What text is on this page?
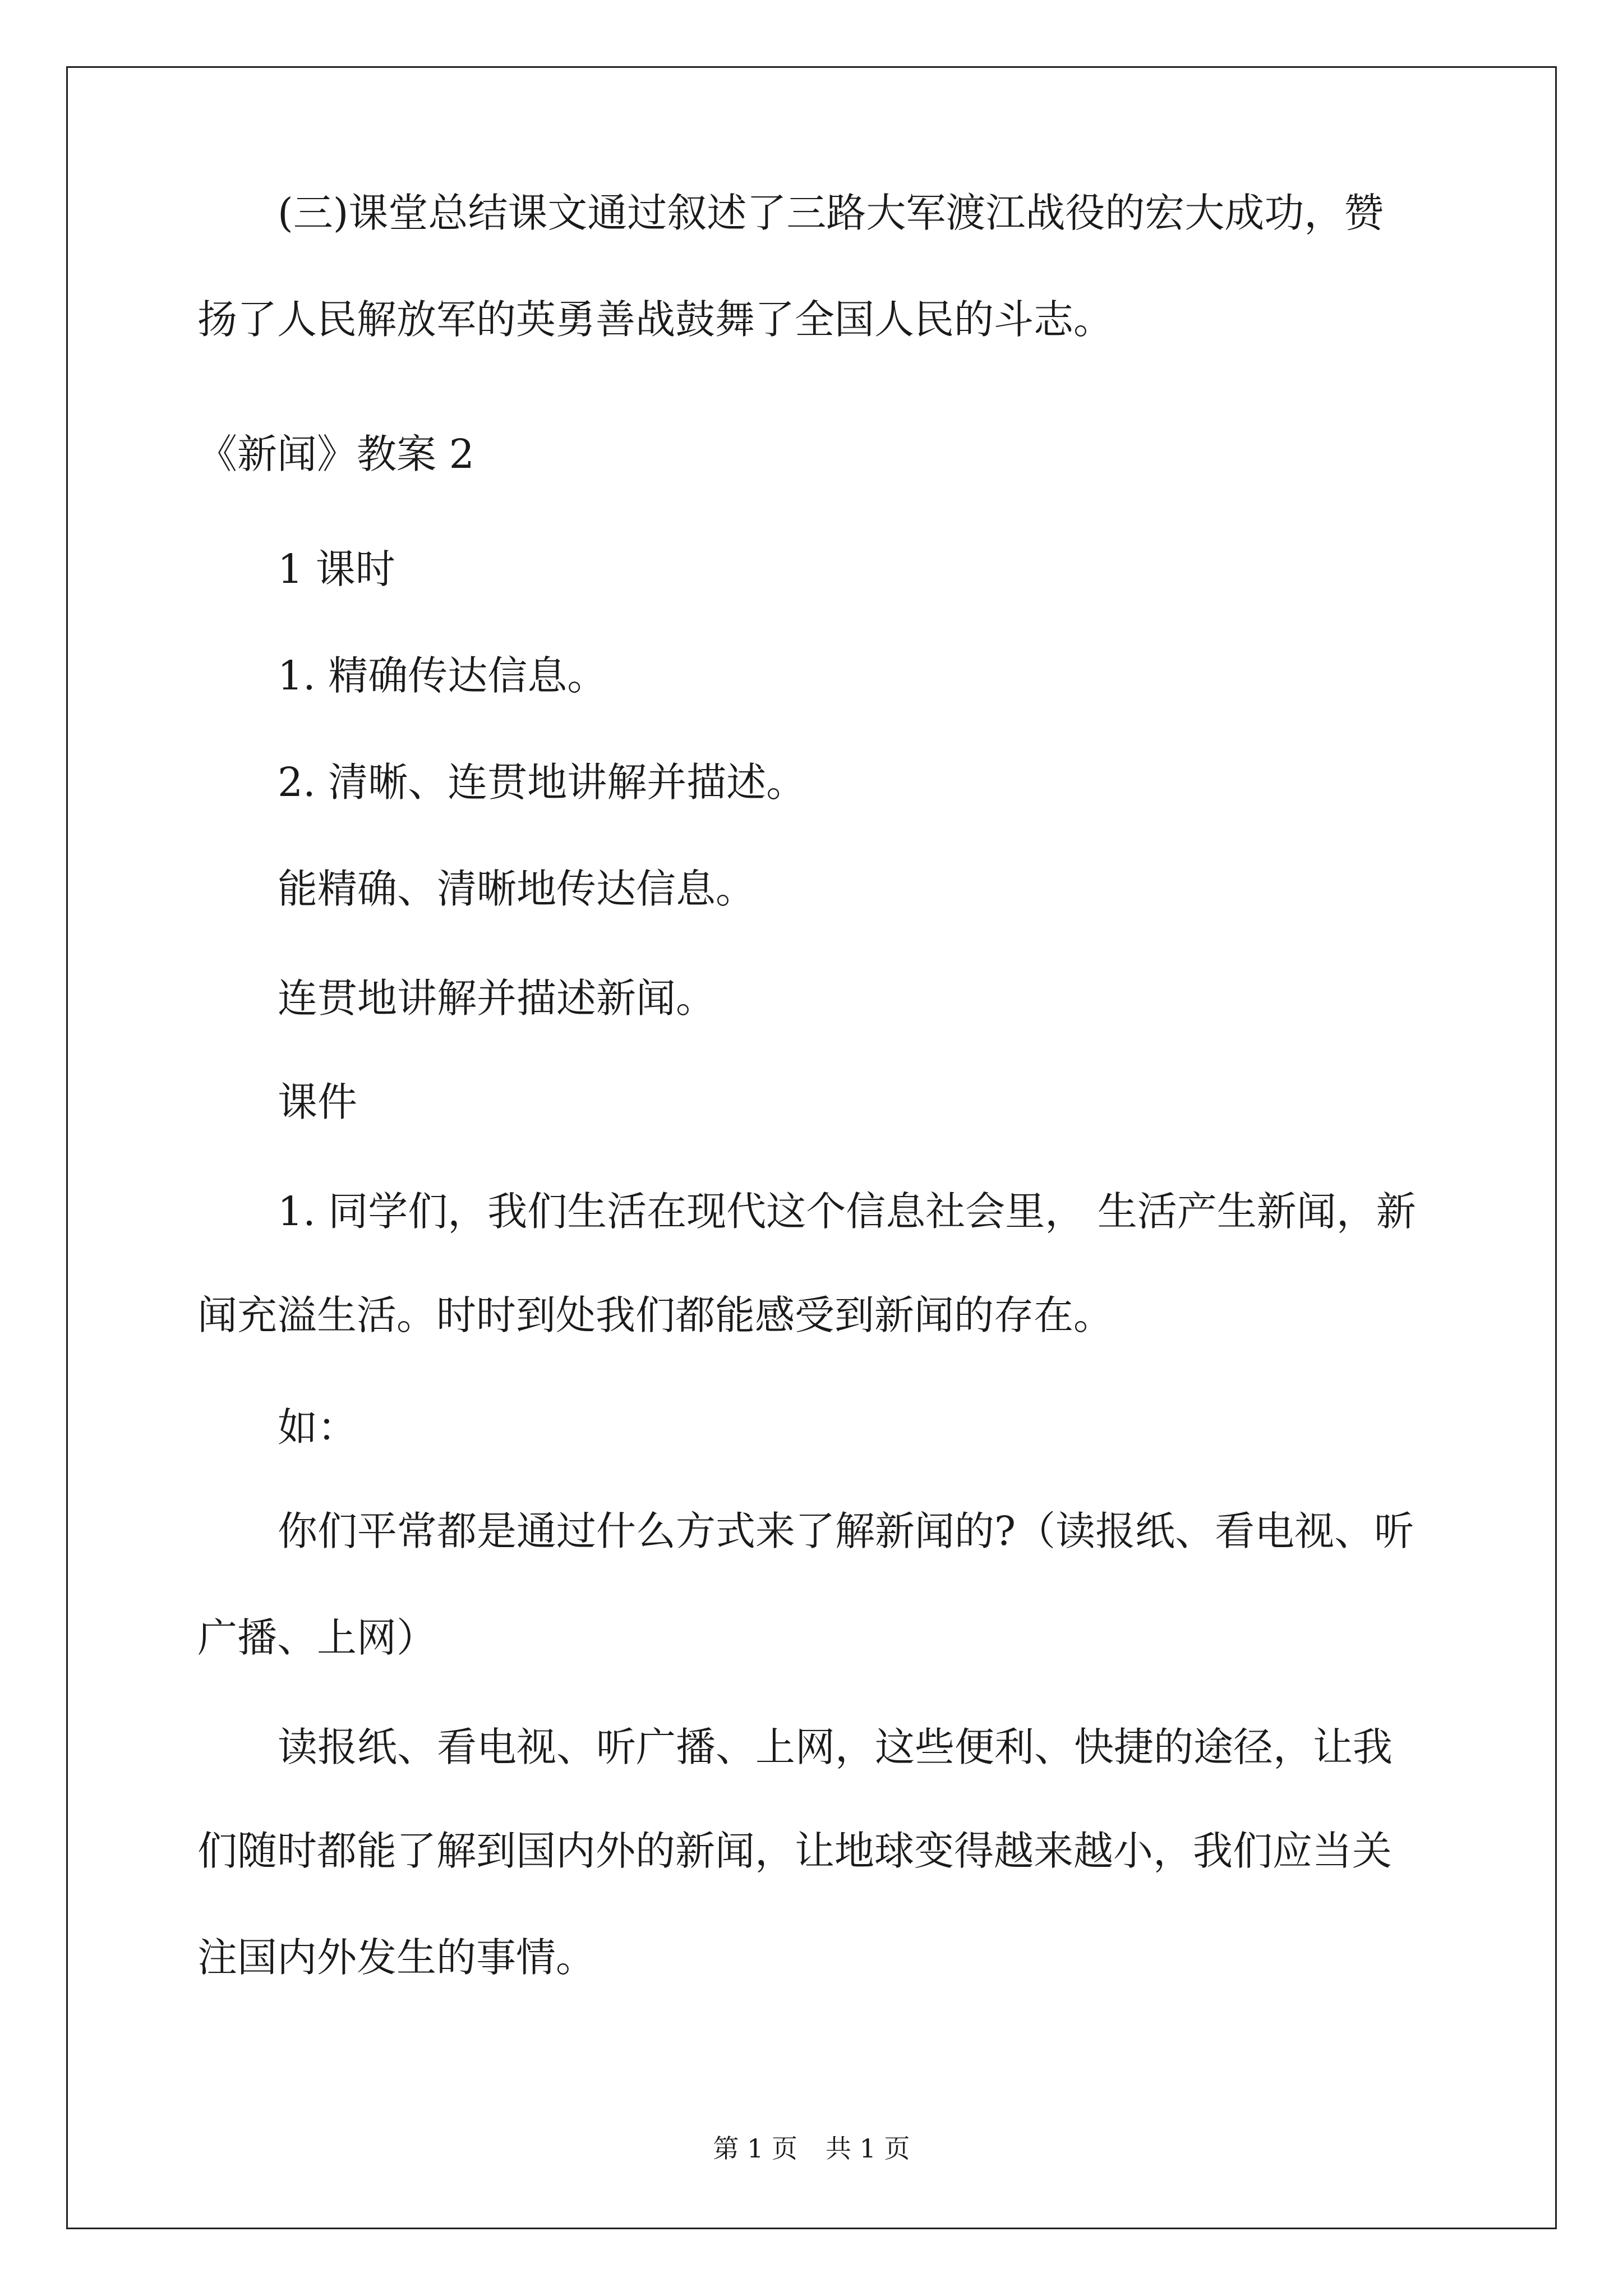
(三)课堂总结课文通过叙述了三路大军渡江战役的宏大成功，赞

扬了人民解放军的英勇善战鼓舞了全国人民的斗志。

《新闻》教案 2

1 课时

1. 精确传达信息。

2. 清晰、连贯地讲解并描述。

能精确、清晰地传达信息。

连贯地讲解并描述新闻。

课件

1. 同学们，我们生活在现代这个信息社会里， 生活产生新闻，新

闻充溢生活。时时到处我们都能感受到新闻的存在。

如：

你们平常都是通过什么方式来了解新闻的?（读报纸、看电视、听

广播、上网）

读报纸、看电视、听广播、上网，这些便利、快捷的途径，让我

们随时都能了解到国内外的新闻，让地球变得越来越小，我们应当关

注国内外发生的事情。

第 1 页 共 1 页
